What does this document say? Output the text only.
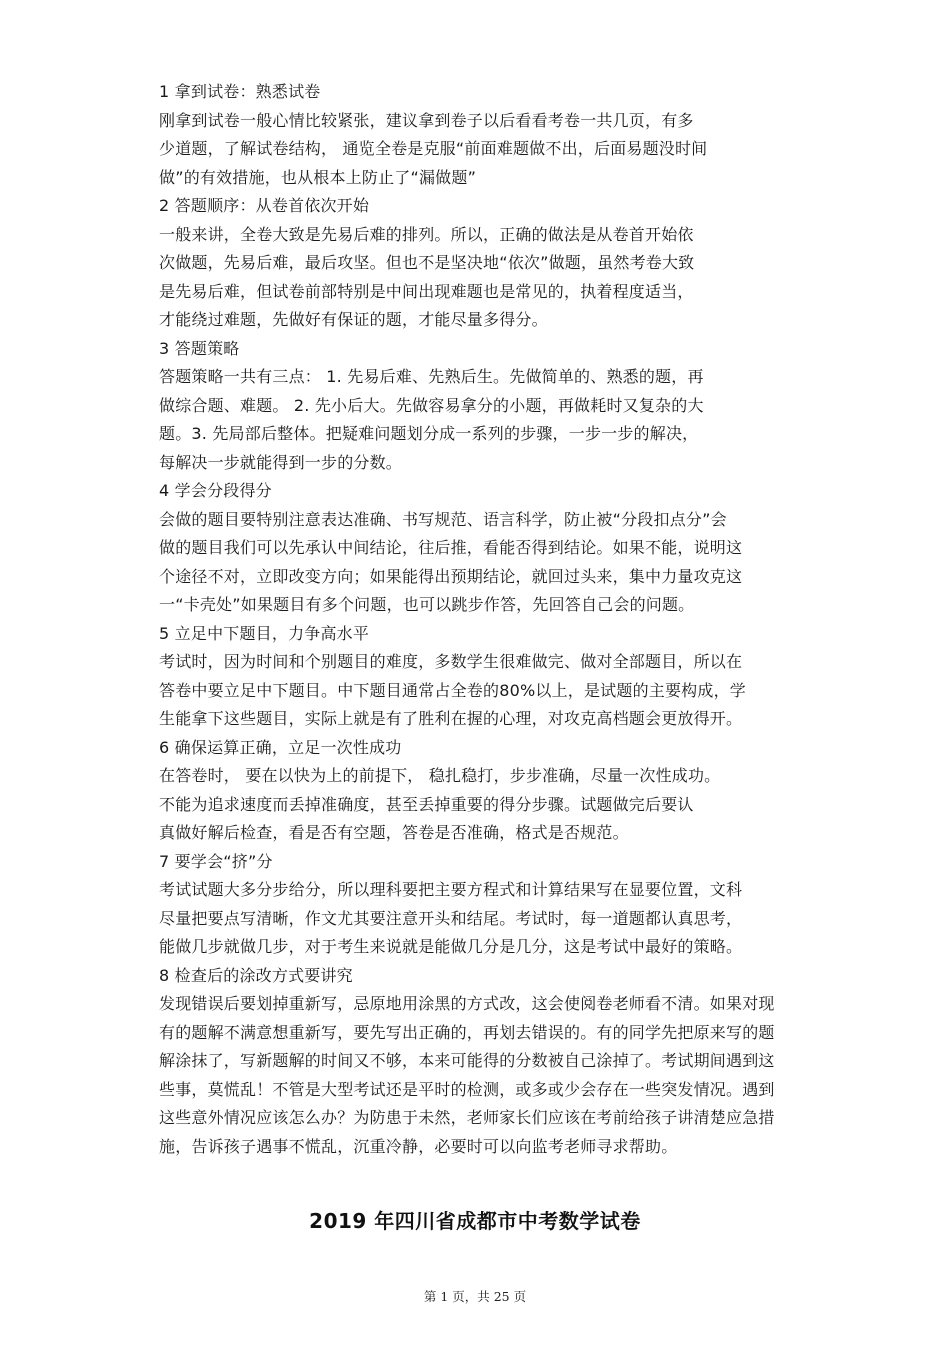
1 拿到试卷：熟悉试卷
刚拿到试卷一般心情比较紧张，建议拿到卷子以后看看考卷一共几页，有多
少道题，了解试卷结构， 通览全卷是克服“前面难题做不出，后面易题没时间
做”的有效措施，也从根本上防止了“漏做题”
2 答题顺序：从卷首依次开始
一般来讲，全卷大致是先易后难的排列。所以，正确的做法是从卷首开始依
次做题，先易后难，最后攻坚。但也不是坚决地“依次”做题，虽然考卷大致
是先易后难，但试卷前部特别是中间出现难题也是常见的，执着程度适当，
才能绕过难题，先做好有保证的题，才能尽量多得分。
3 答题策略
答题策略一共有三点： 1. 先易后难、先熟后生。先做简单的、熟悉的题，再
做综合题、难题。 2. 先小后大。先做容易拿分的小题，再做耗时又复杂的大
题。3. 先局部后整体。把疑难问题划分成一系列的步骤，一步一步的解决，
每解决一步就能得到一步的分数。
4 学会分段得分
会做的题目要特别注意表达准确、书写规范、语言科学，防止被“分段扣点分”会
做的题目我们可以先承认中间结论，往后推，看能否得到结论。如果不能，说明这
个途径不对，立即改变方向；如果能得出预期结论，就回过头来，集中力量攻克这
一“卡壳处”如果题目有多个问题，也可以跳步作答，先回答自己会的问题。
5 立足中下题目，力争高水平
考试时，因为时间和个别题目的难度，多数学生很难做完、做对全部题目，所以在
答卷中要立足中下题目。中下题目通常占全卷的80%以上，是试题的主要构成，学
生能拿下这些题目，实际上就是有了胜利在握的心理，对攻克高档题会更放得开。
6 确保运算正确，立足一次性成功
在答卷时， 要在以快为上的前提下， 稳扎稳打，步步准确，尽量一次性成功。
不能为追求速度而丢掉准确度，甚至丢掉重要的得分步骤。试题做完后要认
真做好解后检查，看是否有空题，答卷是否准确，格式是否规范。
7 要学会“挤”分
考试试题大多分步给分，所以理科要把主要方程式和计算结果写在显要位置，文科
尽量把要点写清晰，作文尤其要注意开头和结尾。考试时，每一道题都认真思考，
能做几步就做几步，对于考生来说就是能做几分是几分，这是考试中最好的策略。
8 检查后的涂改方式要讲究
发现错误后要划掉重新写，忌原地用涂黑的方式改，这会使阅卷老师看不清。如果对现
有的题解不满意想重新写，要先写出正确的，再划去错误的。有的同学先把原来写的题
解涂抹了，写新题解的时间又不够，本来可能得的分数被自己涂掉了。考试期间遇到这
些事，莫慌乱！不管是大型考试还是平时的检测，或多或少会存在一些突发情况。遇到
这些意外情况应该怎么办？为防患于未然，老师家长们应该在考前给孩子讲清楚应急措
施，告诉孩子遇事不慌乱，沉重冷静，必要时可以向监考老师寻求帮助。
2019 年四川省成都市中考数学试卷
第 1 页，共 25 页
